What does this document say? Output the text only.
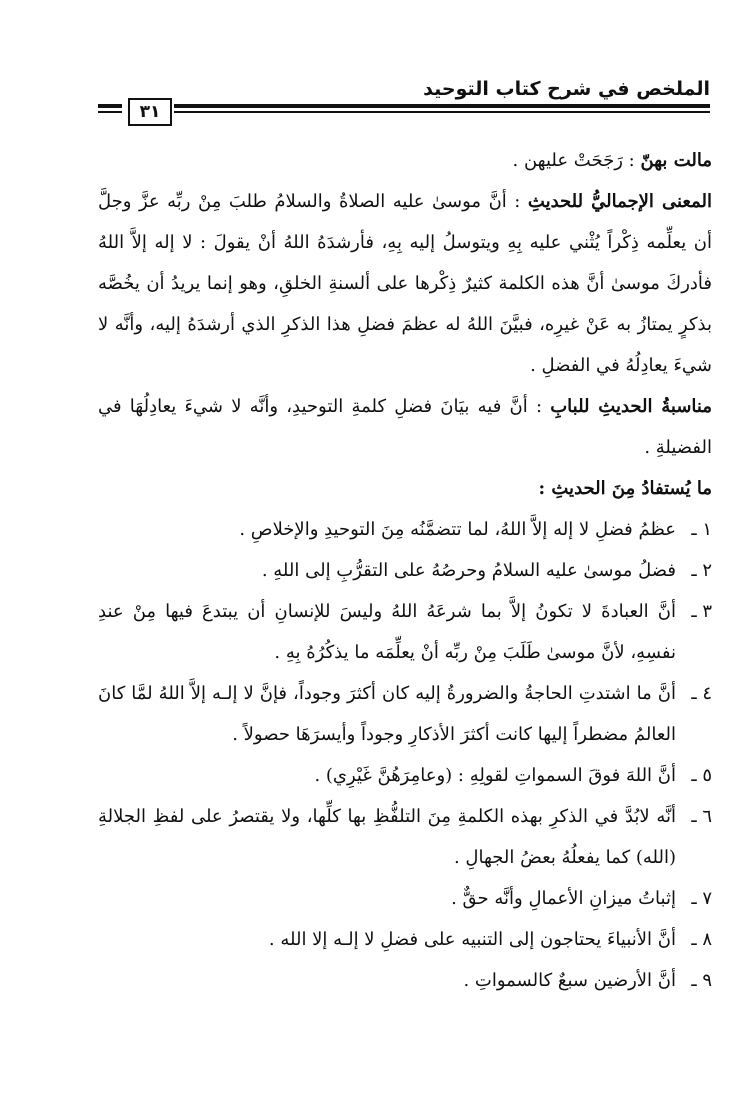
الملخص في شرح كتاب التوحيد
٣١

مالت بهنّ : رَجَحَتْ عليهن .

المعنى الإجماليُّ للحديثِ : أنَّ موسىٰ عليه الصلاةُ والسلامُ طلبَ مِنْ ربِّه عزَّ وجلَّ أن يعلِّمه ذِكْراً يُثْني عليه بِهِ ويتوسلُ إليه بِهِ، فأرشدَهُ اللهُ أنْ يقولَ : لا إله إلاَّ اللهُ فأدركَ موسىٰ أنَّ هذه الكلمة كثيرٌ ذِكْرها على ألسنةِ الخلقِ، وهو إنما يريدُ أن يخُصَّه بذكرٍ يمتازُ به عَنْ غيرِه، فبيَّنَ اللهُ له عظمَ فضلِ هذا الذكرِ الذي أرشدَهُ إليه، وأنَّه لا شيءَ يعادِلُهُ في الفضلِ .

مناسبةُ الحديثِ للبابِ : أنَّ فيه بيَانَ فضلِ كلمةِ التوحيدِ، وأنَّه لا شيءَ يعادِلُهَا في الفضيلةِ .

ما يُستفادُ مِنَ الحديثِ :

١ ـ
عظمُ فضلِ لا إله إلاَّ اللهُ، لما تتضمَّنُه مِنَ التوحيدِ والإخلاصِ .

٢ ـ
فضلُ موسىٰ عليه السلامُ وحرصُهُ على التقرُّبِ إلى اللهِ .

٣ ـ
أنَّ العبادةَ لا تكونُ إلاَّ بما شرعَهُ اللهُ وليسَ للإنسانِ أن يبتدعَ فيها مِنْ عندِ نفسِهِ، لأنَّ موسىٰ طَلَبَ مِنْ ربِّه أنْ يعلِّمَه ما يذكُرُهُ بِهِ .

٤ ـ
أنَّ ما اشتدتِ الحاجةُ والضرورةُ إليه كان أكثرَ وجوداً، فإنَّ لا إلـه إلاَّ اللهُ لمَّا كانَ العالمُ مضطراً إليها كانت أكثرَ الأذكارِ وجوداً وأيسرَهَا حصولاً .

٥ ـ
أنَّ اللهَ فوقَ السمواتِ لقولِهِ : (وعامِرَهُنَّ غَيْرِي) .

٦ ـ
أنَّه لابُدَّ في الذكرِ بهذه الكلمةِ مِنَ التلفُّظِ بها كلِّها، ولا يقتصرُ على لفظِ الجلالةِ (الله) كما يفعلُهُ بعضُ الجهالِ .

٧ ـ
إثباتُ ميزانِ الأعمالِ وأنَّه حقٌّ .

٨ ـ
أنَّ الأنبياءَ يحتاجون إلى التنبيه على فضلِ لا إلـه إلا الله .

٩ ـ
أنَّ الأرضين سبعٌ كالسمواتِ .
